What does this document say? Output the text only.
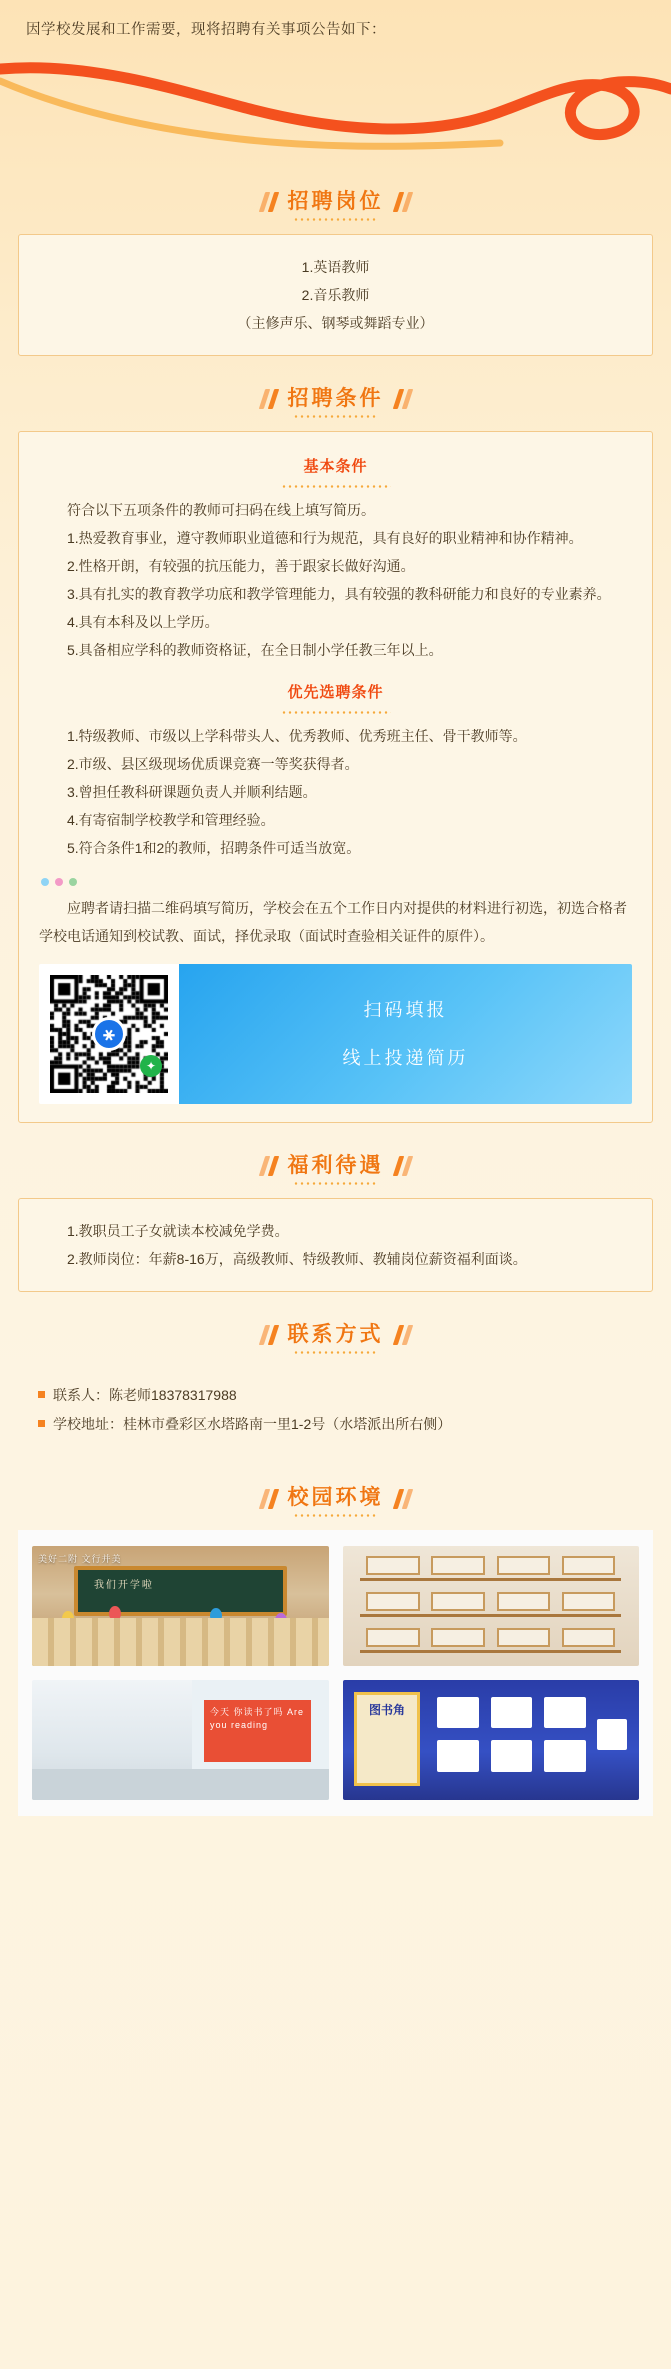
因学校发展和工作需要，现将招聘有关事项公告如下：
招聘岗位

1.英语教师

2.音乐教师

（主修声乐、钢琴或舞蹈专业）

招聘条件
基本条件

符合以下五项条件的教师可扫码在线上填写简历。

1.热爱教育事业，遵守教师职业道德和行为规范，具有良好的职业精神和协作精神。

2.性格开朗，有较强的抗压能力，善于跟家长做好沟通。

3.具有扎实的教育教学功底和教学管理能力，具有较强的教科研能力和良好的专业素养。

4.具有本科及以上学历。

5.具备相应学科的教师资格证，在全日制小学任教三年以上。

优先选聘条件

1.特级教师、市级以上学科带头人、优秀教师、优秀班主任、骨干教师等。

2.市级、县区级现场优质课竞赛一等奖获得者。

3.曾担任教科研课题负责人并顺利结题。

4.有寄宿制学校教学和管理经验。

5.符合条件1和2的教师，招聘条件可适当放宽。

应聘者请扫描二维码填写简历，学校会在五个工作日内对提供的材料进行初选，初选合格者学校电话通知到校试教、面试，择优录取（面试时查验相关证件的原件）。

⚹
✦
扫码填报
线上投递简历
福利待遇

1.教职员工子女就读本校减免学费。

2.教师岗位：年薪8-16万，高级教师、特级教师、教辅岗位薪资福利面谈。

联系方式
联系人：陈老师18378317988
学校地址：桂林市叠彩区水塔路南一里1-2号（水塔派出所右侧）
校园环境
美好二附 文行并美
我们开学啦
今天 你读书了吗 Are you reading
图书角
